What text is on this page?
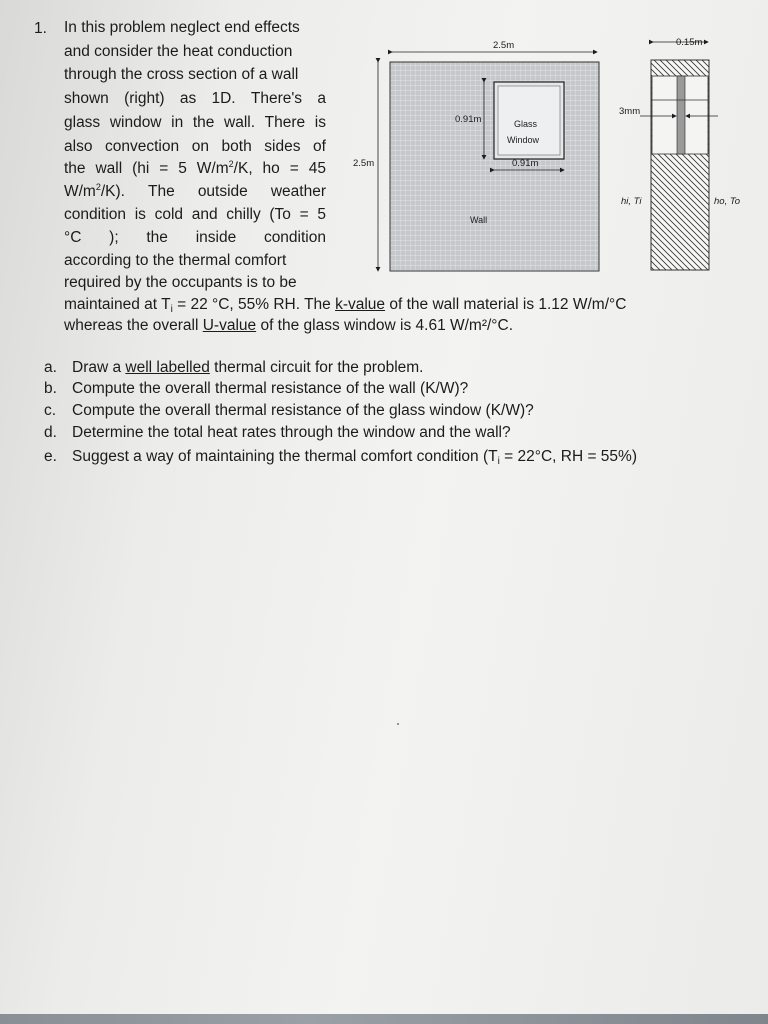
1. In this problem neglect end effects
and consider the heat conduction
through the cross section of a wall
shown (right) as 1D. There's a
glass window in the wall. There is
also convection on both sides of
the wall (hi = 5 $W/m^2/K$, ho = 45
$W/m^2/K$). The outside weather
condition is cold and chilly (To = 5
°C ); the inside condition
according to the thermal comfort
required by the occupants is to be
maintained at $T_i = 22$ °C, 55% RH. The k-value of the wall material is 1.12 W/m/°C
whereas the overall U-value of the glass window is 4.61 W/m²/°C.
a. Draw a well labelled thermal circuit for the problem.
b. Compute the overall thermal resistance of the wall (K/W)?
c. Compute the overall thermal resistance of the glass window (K/W)?
d. Determine the total heat rates through the window and the wall?
e. Suggest a way of maintaining the thermal comfort condition ($T_i = 22^\circ C$, RH = 55%)
2.5m
2.5m
0.91m
0.91m
Glass
Window
Wall
0.15m
3mm
hi, Ti	ho, To
